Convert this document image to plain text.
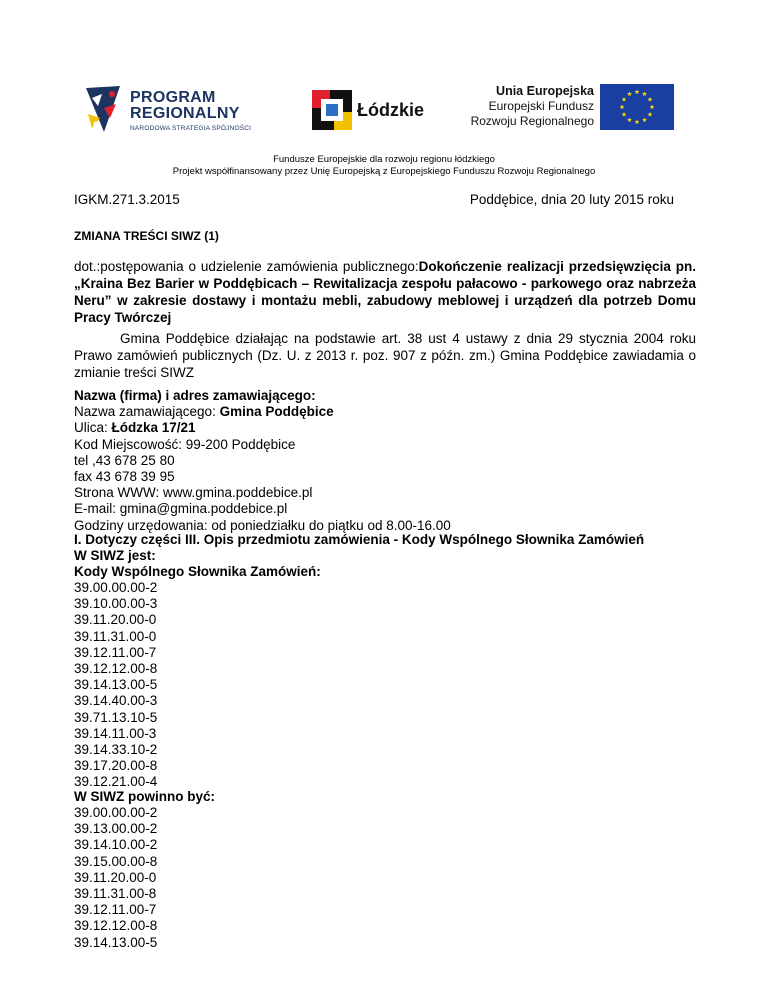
PROGRAM
REGIONALNY
NARODOWA STRATEGIA SPÓJNOŚCI
Łódzkie
Unia Europejska
Europejski Fundusz
Rozwoju Regionalnego
Fundusze Europejskie dla rozwoju regionu łódzkiego
Projekt współfinansowany przez Unię Europejską z Europejskiego Funduszu Rozwoju Regionalnego
IGKM.271.3.2015	Poddębice, dnia 20 luty 2015 roku
ZMIANA TREŚCI SIWZ (1)
dot.:postępowania o udzielenie zamówienia publicznego:Dokończenie realizacji przedsięwzięcia pn. „Kraina Bez Barier w Poddębicach – Rewitalizacja zespołu pałacowo - parkowego oraz nabrzeża Neru” w zakresie dostawy i montażu mebli, zabudowy meblowej i urządzeń dla potrzeb Domu Pracy Twórczej
Gmina Poddębice działając na podstawie art. 38 ust 4 ustawy z dnia 29 stycznia 2004 roku Prawo zamówień publicznych (Dz. U. z 2013 r. poz. 907 z późn. zm.) Gmina Poddębice zawiadamia o zmianie treści SIWZ
Nazwa (firma) i adres zamawiającego:
Nazwa zamawiającego: Gmina Poddębice
Ulica: Łódzka 17/21
Kod Miejscowość: 99-200 Poddębice
tel ,43 678 25 80
fax 43 678 39 95
Strona WWW: www.gmina.poddebice.pl
E-mail: gmina@gmina.poddebice.pl
Godziny urzędowania: od poniedziałku do piątku od 8.00-16.00
I. Dotyczy części III. Opis przedmiotu zamówienia - Kody Wspólnego Słownika Zamówień
W SIWZ jest:
Kody Wspólnego Słownika Zamówień:
39.00.00.00-2
39.10.00.00-3
39.11.20.00-0
39.11.31.00-0
39.12.11.00-7
39.12.12.00-8
39.14.13.00-5
39.14.40.00-3
39.71.13.10-5
39.14.11.00-3
39.14.33.10-2
39.17.20.00-8
39.12.21.00-4
W SIWZ powinno być:
39.00.00.00-2
39.13.00.00-2
39.14.10.00-2
39.15.00.00-8
39.11.20.00-0
39.11.31.00-8
39.12.11.00-7
39.12.12.00-8
39.14.13.00-5
